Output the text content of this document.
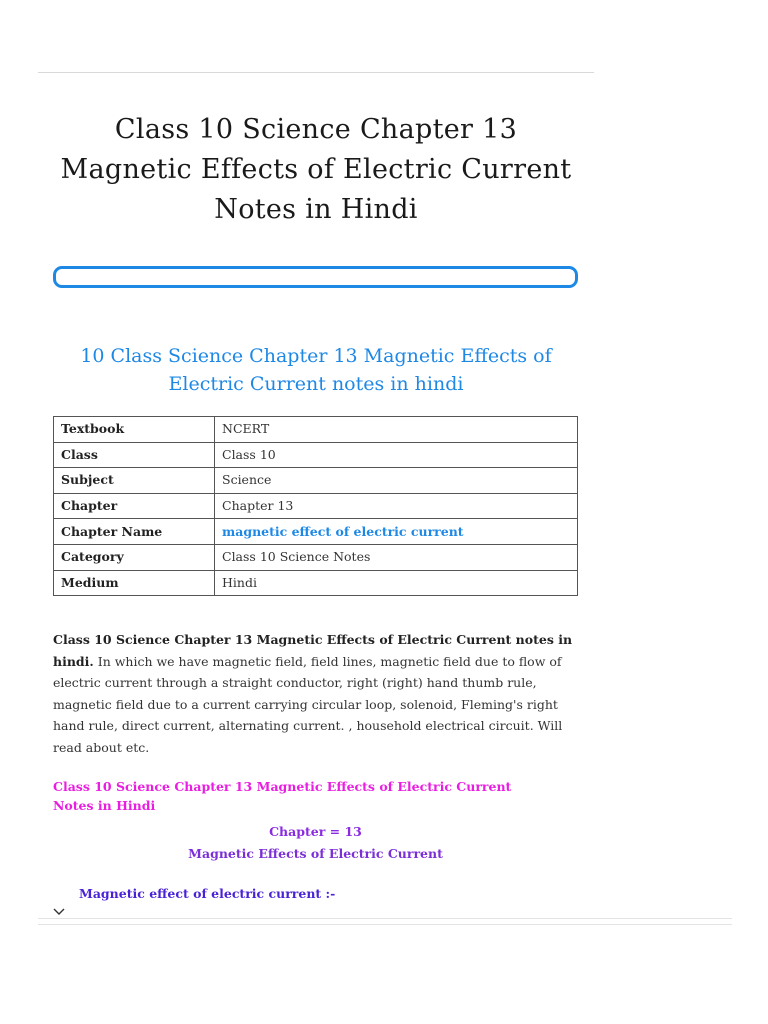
Class 10 Science Chapter 13 Magnetic Effects of Electric Current Notes in Hindi
10 Class Science Chapter 13 Magnetic Effects of Electric Current notes in hindi
Textbook	NCERT
Class	Class 10
Subject	Science
Chapter	Chapter 13
Chapter Name	magnetic effect of electric current
Category	Class 10 Science Notes
Medium	Hindi

Class 10 Science Chapter 13 Magnetic Effects of Electric Current notes in hindi. In which we have magnetic field, field lines, magnetic field due to flow of electric current through a straight conductor, right (right) hand thumb rule, magnetic field due to a current carrying circular loop, solenoid, Fleming's right hand rule, direct current, alternating current. , household electrical circuit. Will read about etc.

Class 10 Science Chapter 13 Magnetic Effects of Electric Current Notes in Hindi

Chapter = 13

Magnetic Effects of Electric Current

Magnetic effect of electric current :-
